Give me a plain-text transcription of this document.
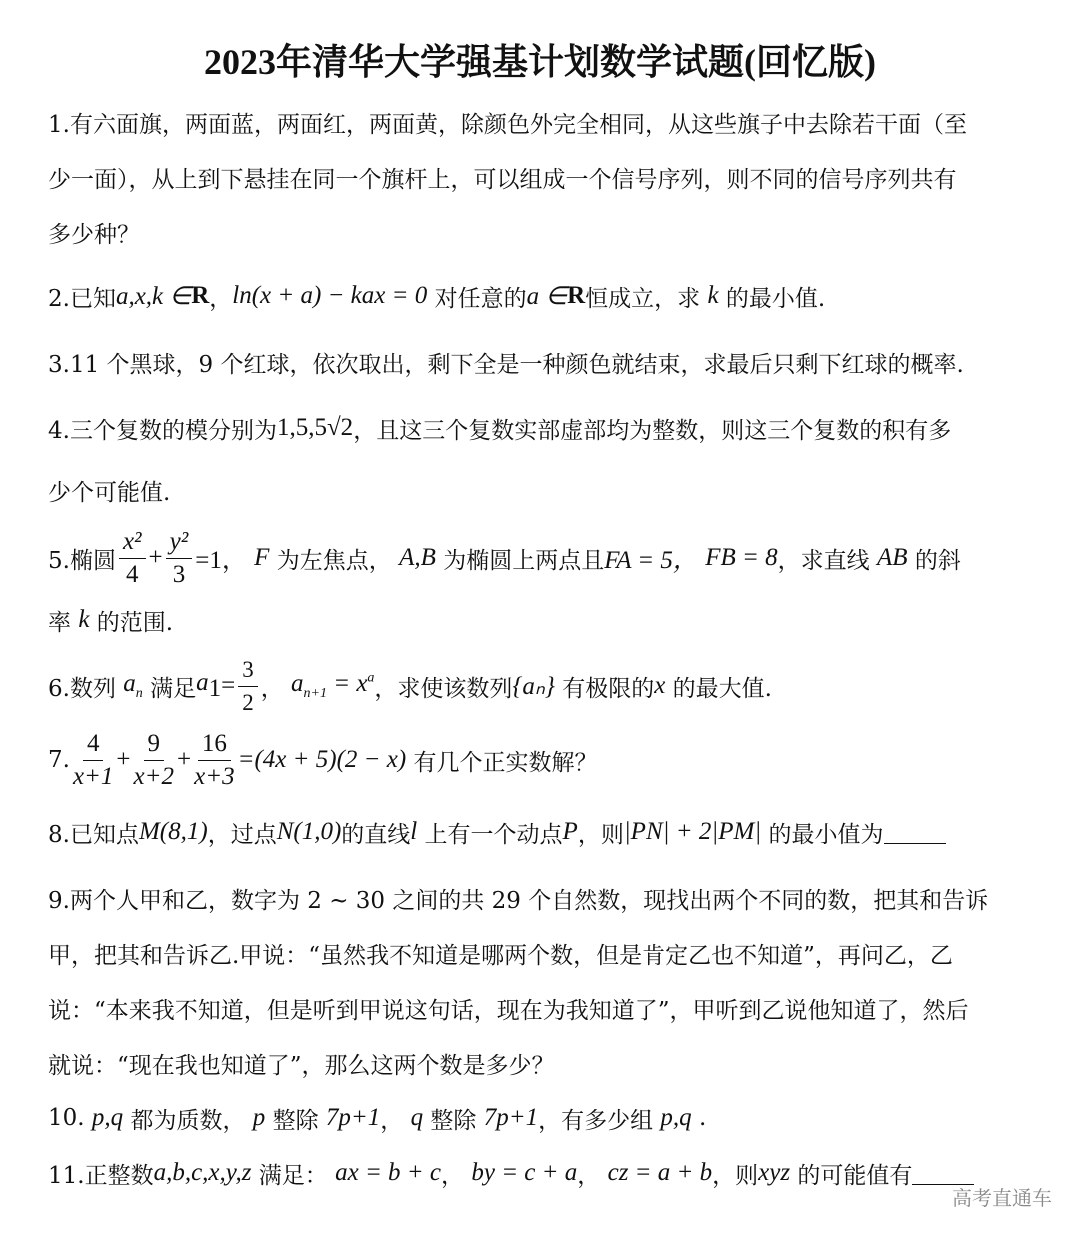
2023年清华大学强基计划数学试题(回忆版)
1.有六面旗，两面蓝，两面红，两面黄，除颜色外完全相同，从这些旗子中去除若干面（至
少一面），从上到下悬挂在同一个旗杆上，可以组成一个信号序列，则不同的信号序列共有
多少种？
2.已知 a,x,k ∈ R ， ln(x + a) − kax = 0
对任意的 a ∈ R 恒成立，求
k
的最小值.
3.11 个黑球，9 个红球，依次取出，剩下全是一种颜色就结束，求最后只剩下红球的概率.
4.三个复数的模分别为 1,5,5√2 ，且这三个复数实部虚部均为整数，则这三个复数的积有多
少个可能值.
5.椭圆 $\frac{\text{x²}}{4} + \frac{\text{y²}}{3} =1$，
F
为左焦点，
A,B
为椭圆上两点且 FA = 5，
FB = 8 ，求直线
AB
的斜
率
k
的范围.
6.数列
$a_n$
满足 $a_1 = \frac{3}{2}$ ，
$a_{n+1} = x^a$ ，求使该数列 {aₙ}
有极限的 x
的最大值.
7. $\frac{4}{x+1} + \frac{9}{x+2} + \frac{16}{x+3} =(4x + 5)(2 - x)$
有几个正实数解？
8.已知点 M(8,1) ，过点 N(1,0) 的直线 l
上有一个动点 P ，则 |PN| + 2|PM|
的最小值为
9.两个人甲和乙，数字为 2 ~ 30 之间的共 29 个自然数，现找出两个不同的数，把其和告诉
甲，把其和告诉乙.甲说：“虽然我不知道是哪两个数，但是肯定乙也不知道”，再问乙，乙
说：“本来我不知道，但是听到甲说这句话，现在为我知道了”，甲听到乙说他知道了，然后
就说：“现在我也知道了”，那么这两个数是多少？
10.
p,q
都为质数，
p
整除
7p+1 ，
q
整除
7p+1 ，有多少组
p,q
.
11.正整数 a,b,c,x,y,z
满足：
ax = b + c ，
by = c + a ，
cz = a + b ，则 xyz
的可能值有
高考直通车
